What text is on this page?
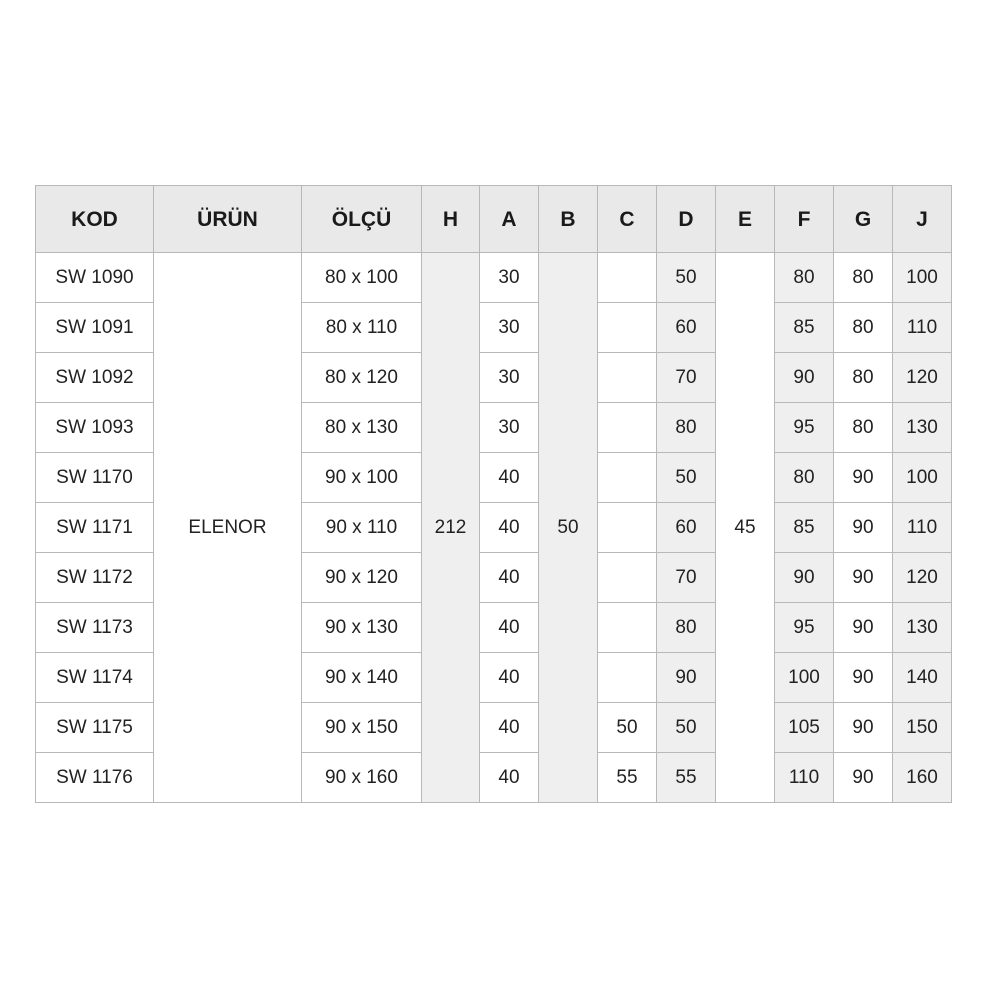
KOD	ÜRÜN	ÖLÇÜ	H	A	B	C	D	E	F	G	J
SW 1090	ELENOR	80 x 100	212	30	50		50	45	80	80	100
SW 1091		80 x 110		30			60		85	80	110
SW 1092		80 x 120		30			70		90	80	120
SW 1093		80 x 130		30			80		95	80	130
SW 1170		90 x 100		40			50		80	90	100
SW 1171		90 x 110		40			60		85	90	110
SW 1172		90 x 120		40			70		90	90	120
SW 1173		90 x 130		40			80		95	90	130
SW 1174		90 x 140		40			90		100	90	140
SW 1175		90 x 150		40		50	50		105	90	150
SW 1176		90 x 160		40		55	55		110	90	160
